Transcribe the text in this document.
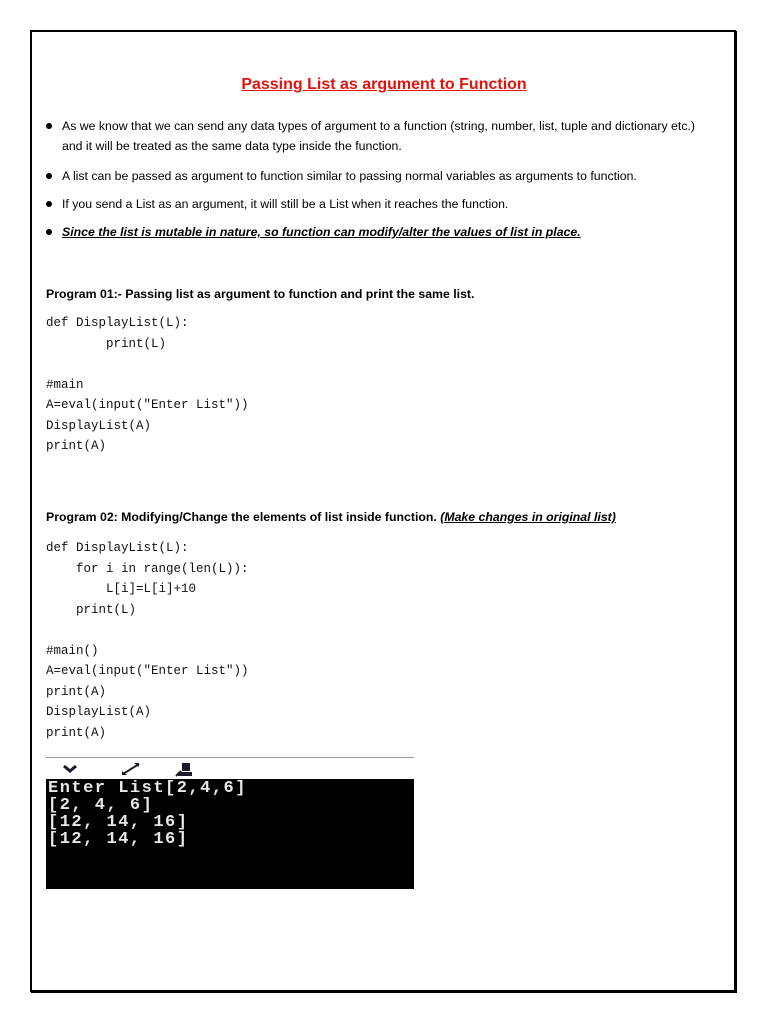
Passing List as argument to Function
As we know that we can send any data types of argument to a function (string, number, list, tuple and dictionary etc.) and it will be treated as the same data type inside the function.
A list can be passed as argument to function similar to passing normal variables as arguments to function.
If you send a List as an argument, it will still be a List when it reaches the function.
Since the list is mutable in nature, so function can modify/alter the values of list in place.
Program 01:- Passing list as argument to function and print the same list.
def DisplayList(L):
print(L)

#main
A=eval(input("Enter List"))
DisplayList(A)
print(A)
Program 02: Modifying/Change the elements of list inside function. (Make changes in original list)
def DisplayList(L):
for i in range(len(L)):
L[i]=L[i]+10
print(L)

#main()
A=eval(input("Enter List"))
print(A)
DisplayList(A)
print(A)
Enter List[2,4,6]
[2, 4, 6]
[12, 14, 16]
[12, 14, 16]
